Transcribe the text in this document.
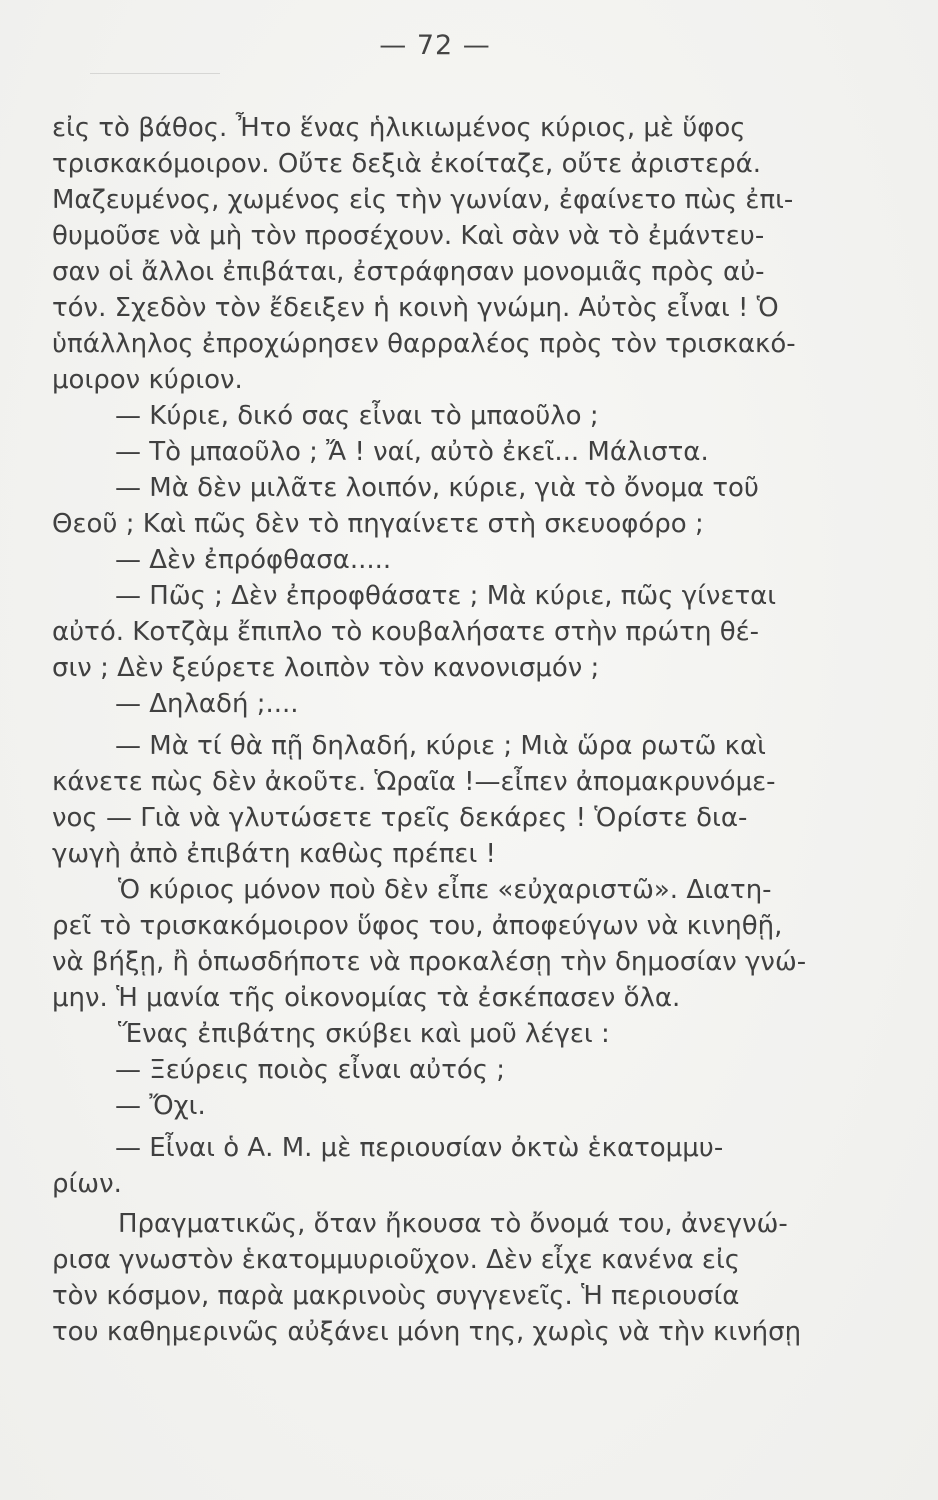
— 72 —
εἰς τὸ βάθος. Ἦτο ἕνας ἡλικιωμένος κύριος, μὲ ὕφος
τρισκακόμοιρον. Οὔτε δεξιὰ ἐκοίταζε, οὔτε ἀριστερά.
Μαζευμένος, χωμένος εἰς τὴν γωνίαν, ἐφαίνετο πὼς ἐπι-
θυμοῦσε νὰ μὴ τὸν προσέχουν. Καὶ σὰν νὰ τὸ ἐμάντευ-
σαν οἱ ἄλλοι ἐπιβάται, ἐστράφησαν μονομιᾶς πρὸς αὐ-
τόν. Σχεδὸν τὸν ἔδειξεν ἡ κοινὴ γνώμη. Αὐτὸς εἶναι ! Ὁ
ὑπάλληλος ἐπροχώρησεν θαρραλέος πρὸς τὸν τρισκακό-
μοιρον κύριον.
— Κύριε, δικό σας εἶναι τὸ μπαοῦλο ;
— Τὸ μπαοῦλο ; Ἄ ! ναί, αὐτὸ ἐκεῖ... Μάλιστα.
— Μὰ δὲν μιλᾶτε λοιπόν, κύριε, γιὰ τὸ ὄνομα τοῦ
Θεοῦ ; Καὶ πῶς δὲν τὸ πηγαίνετε στὴ σκευοφόρο ;
— Δὲν ἐπρόφθασα.....
— Πῶς ; Δὲν ἐπροφθάσατε ; Μὰ κύριε, πῶς γίνεται
αὐτό. Κοτζὰμ ἔπιπλο τὸ κουβαλήσατε στὴν πρώτη θέ-
σιν ; Δὲν ξεύρετε λοιπὸν τὸν κανονισμόν ;
— Δηλαδή ;....
— Μὰ τί θὰ πῇ δηλαδή, κύριε ; Μιὰ ὥρα ρωτῶ καὶ
κάνετε πὼς δὲν ἀκοῦτε. Ὡραῖα !—εἶπεν ἀπομακρυνόμε-
νος — Γιὰ νὰ γλυτώσετε τρεῖς δεκάρες ! Ὁρίστε δια-
γωγὴ ἀπὸ ἐπιβάτη καθὼς πρέπει !
Ὁ κύριος μόνον ποὺ δὲν εἶπε «εὐχαριστῶ». Διατη-
ρεῖ τὸ τρισκακόμοιρον ὕφος του, ἀποφεύγων νὰ κινηθῇ,
νὰ βήξῃ, ἢ ὁπωσδήποτε νὰ προκαλέσῃ τὴν δημοσίαν γνώ-
μην. Ἡ μανία τῆς οἰκονομίας τὰ ἐσκέπασεν ὅλα.
Ἕνας ἐπιβάτης σκύβει καὶ μοῦ λέγει :
— Ξεύρεις ποιὸς εἶναι αὐτός ;
— Ὄχι.
— Εἶναι ὁ Α. Μ. μὲ περιουσίαν ὀκτὼ ἑκατομμυ-
ρίων.
Πραγματικῶς, ὅταν ἤκουσα τὸ ὄνομά του, ἀνεγνώ-
ρισα γνωστὸν ἑκατομμυριοῦχον. Δὲν εἶχε κανένα εἰς
τὸν κόσμον, παρὰ μακρινοὺς συγγενεῖς. Ἡ περιουσία
του καθημερινῶς αὐξάνει μόνη της, χωρὶς νὰ τὴν κινήσῃ
